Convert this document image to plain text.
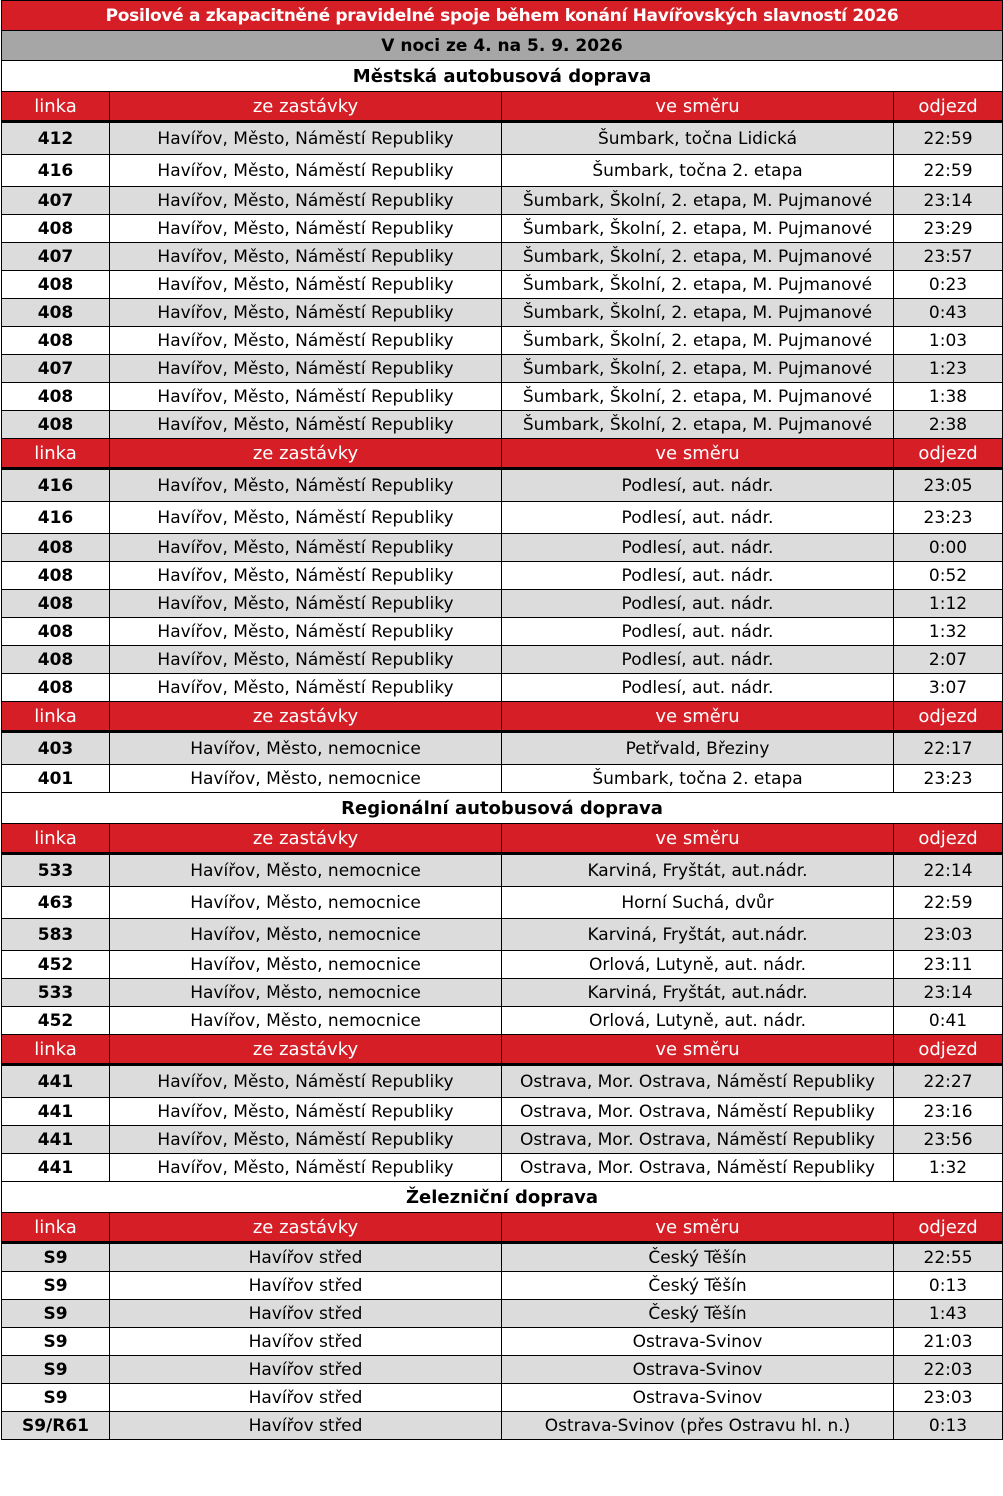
Posilové a zkapacitněné pravidelné spoje během konání Havířovských slavností 2026			
V noci ze 4. na 5. 9. 2026			
Městská autobusová doprava			
linka	ze zastávky	ve směru	odjezd
412	Havířov, Město, Náměstí Republiky	Šumbark, točna Lidická	22:59
416	Havířov, Město, Náměstí Republiky	Šumbark, točna 2. etapa	22:59
407	Havířov, Město, Náměstí Republiky	Šumbark, Školní, 2. etapa, M. Pujmanové	23:14
408	Havířov, Město, Náměstí Republiky	Šumbark, Školní, 2. etapa, M. Pujmanové	23:29
407	Havířov, Město, Náměstí Republiky	Šumbark, Školní, 2. etapa, M. Pujmanové	23:57
408	Havířov, Město, Náměstí Republiky	Šumbark, Školní, 2. etapa, M. Pujmanové	0:23
408	Havířov, Město, Náměstí Republiky	Šumbark, Školní, 2. etapa, M. Pujmanové	0:43
408	Havířov, Město, Náměstí Republiky	Šumbark, Školní, 2. etapa, M. Pujmanové	1:03
407	Havířov, Město, Náměstí Republiky	Šumbark, Školní, 2. etapa, M. Pujmanové	1:23
408	Havířov, Město, Náměstí Republiky	Šumbark, Školní, 2. etapa, M. Pujmanové	1:38
408	Havířov, Město, Náměstí Republiky	Šumbark, Školní, 2. etapa, M. Pujmanové	2:38
linka	ze zastávky	ve směru	odjezd
416	Havířov, Město, Náměstí Republiky	Podlesí, aut. nádr.	23:05
416	Havířov, Město, Náměstí Republiky	Podlesí, aut. nádr.	23:23
408	Havířov, Město, Náměstí Republiky	Podlesí, aut. nádr.	0:00
408	Havířov, Město, Náměstí Republiky	Podlesí, aut. nádr.	0:52
408	Havířov, Město, Náměstí Republiky	Podlesí, aut. nádr.	1:12
408	Havířov, Město, Náměstí Republiky	Podlesí, aut. nádr.	1:32
408	Havířov, Město, Náměstí Republiky	Podlesí, aut. nádr.	2:07
408	Havířov, Město, Náměstí Republiky	Podlesí, aut. nádr.	3:07
linka	ze zastávky	ve směru	odjezd
403	Havířov, Město, nemocnice	Petřvald, Březiny	22:17
401	Havířov, Město, nemocnice	Šumbark, točna 2. etapa	23:23
Regionální autobusová doprava			
linka	ze zastávky	ve směru	odjezd
533	Havířov, Město, nemocnice	Karviná, Fryštát, aut.nádr.	22:14
463	Havířov, Město, nemocnice	Horní Suchá, dvůr	22:59
583	Havířov, Město, nemocnice	Karviná, Fryštát, aut.nádr.	23:03
452	Havířov, Město, nemocnice	Orlová, Lutyně, aut. nádr.	23:11
533	Havířov, Město, nemocnice	Karviná, Fryštát, aut.nádr.	23:14
452	Havířov, Město, nemocnice	Orlová, Lutyně, aut. nádr.	0:41
linka	ze zastávky	ve směru	odjezd
441	Havířov, Město, Náměstí Republiky	Ostrava, Mor. Ostrava, Náměstí Republiky	22:27
441	Havířov, Město, Náměstí Republiky	Ostrava, Mor. Ostrava, Náměstí Republiky	23:16
441	Havířov, Město, Náměstí Republiky	Ostrava, Mor. Ostrava, Náměstí Republiky	23:56
441	Havířov, Město, Náměstí Republiky	Ostrava, Mor. Ostrava, Náměstí Republiky	1:32
Železniční doprava			
linka	ze zastávky	ve směru	odjezd
S9	Havířov střed	Český Těšín	22:55
S9	Havířov střed	Český Těšín	0:13
S9	Havířov střed	Český Těšín	1:43
S9	Havířov střed	Ostrava-Svinov	21:03
S9	Havířov střed	Ostrava-Svinov	22:03
S9	Havířov střed	Ostrava-Svinov	23:03
S9/R61	Havířov střed	Ostrava-Svinov (přes Ostravu hl. n.)	0:13
